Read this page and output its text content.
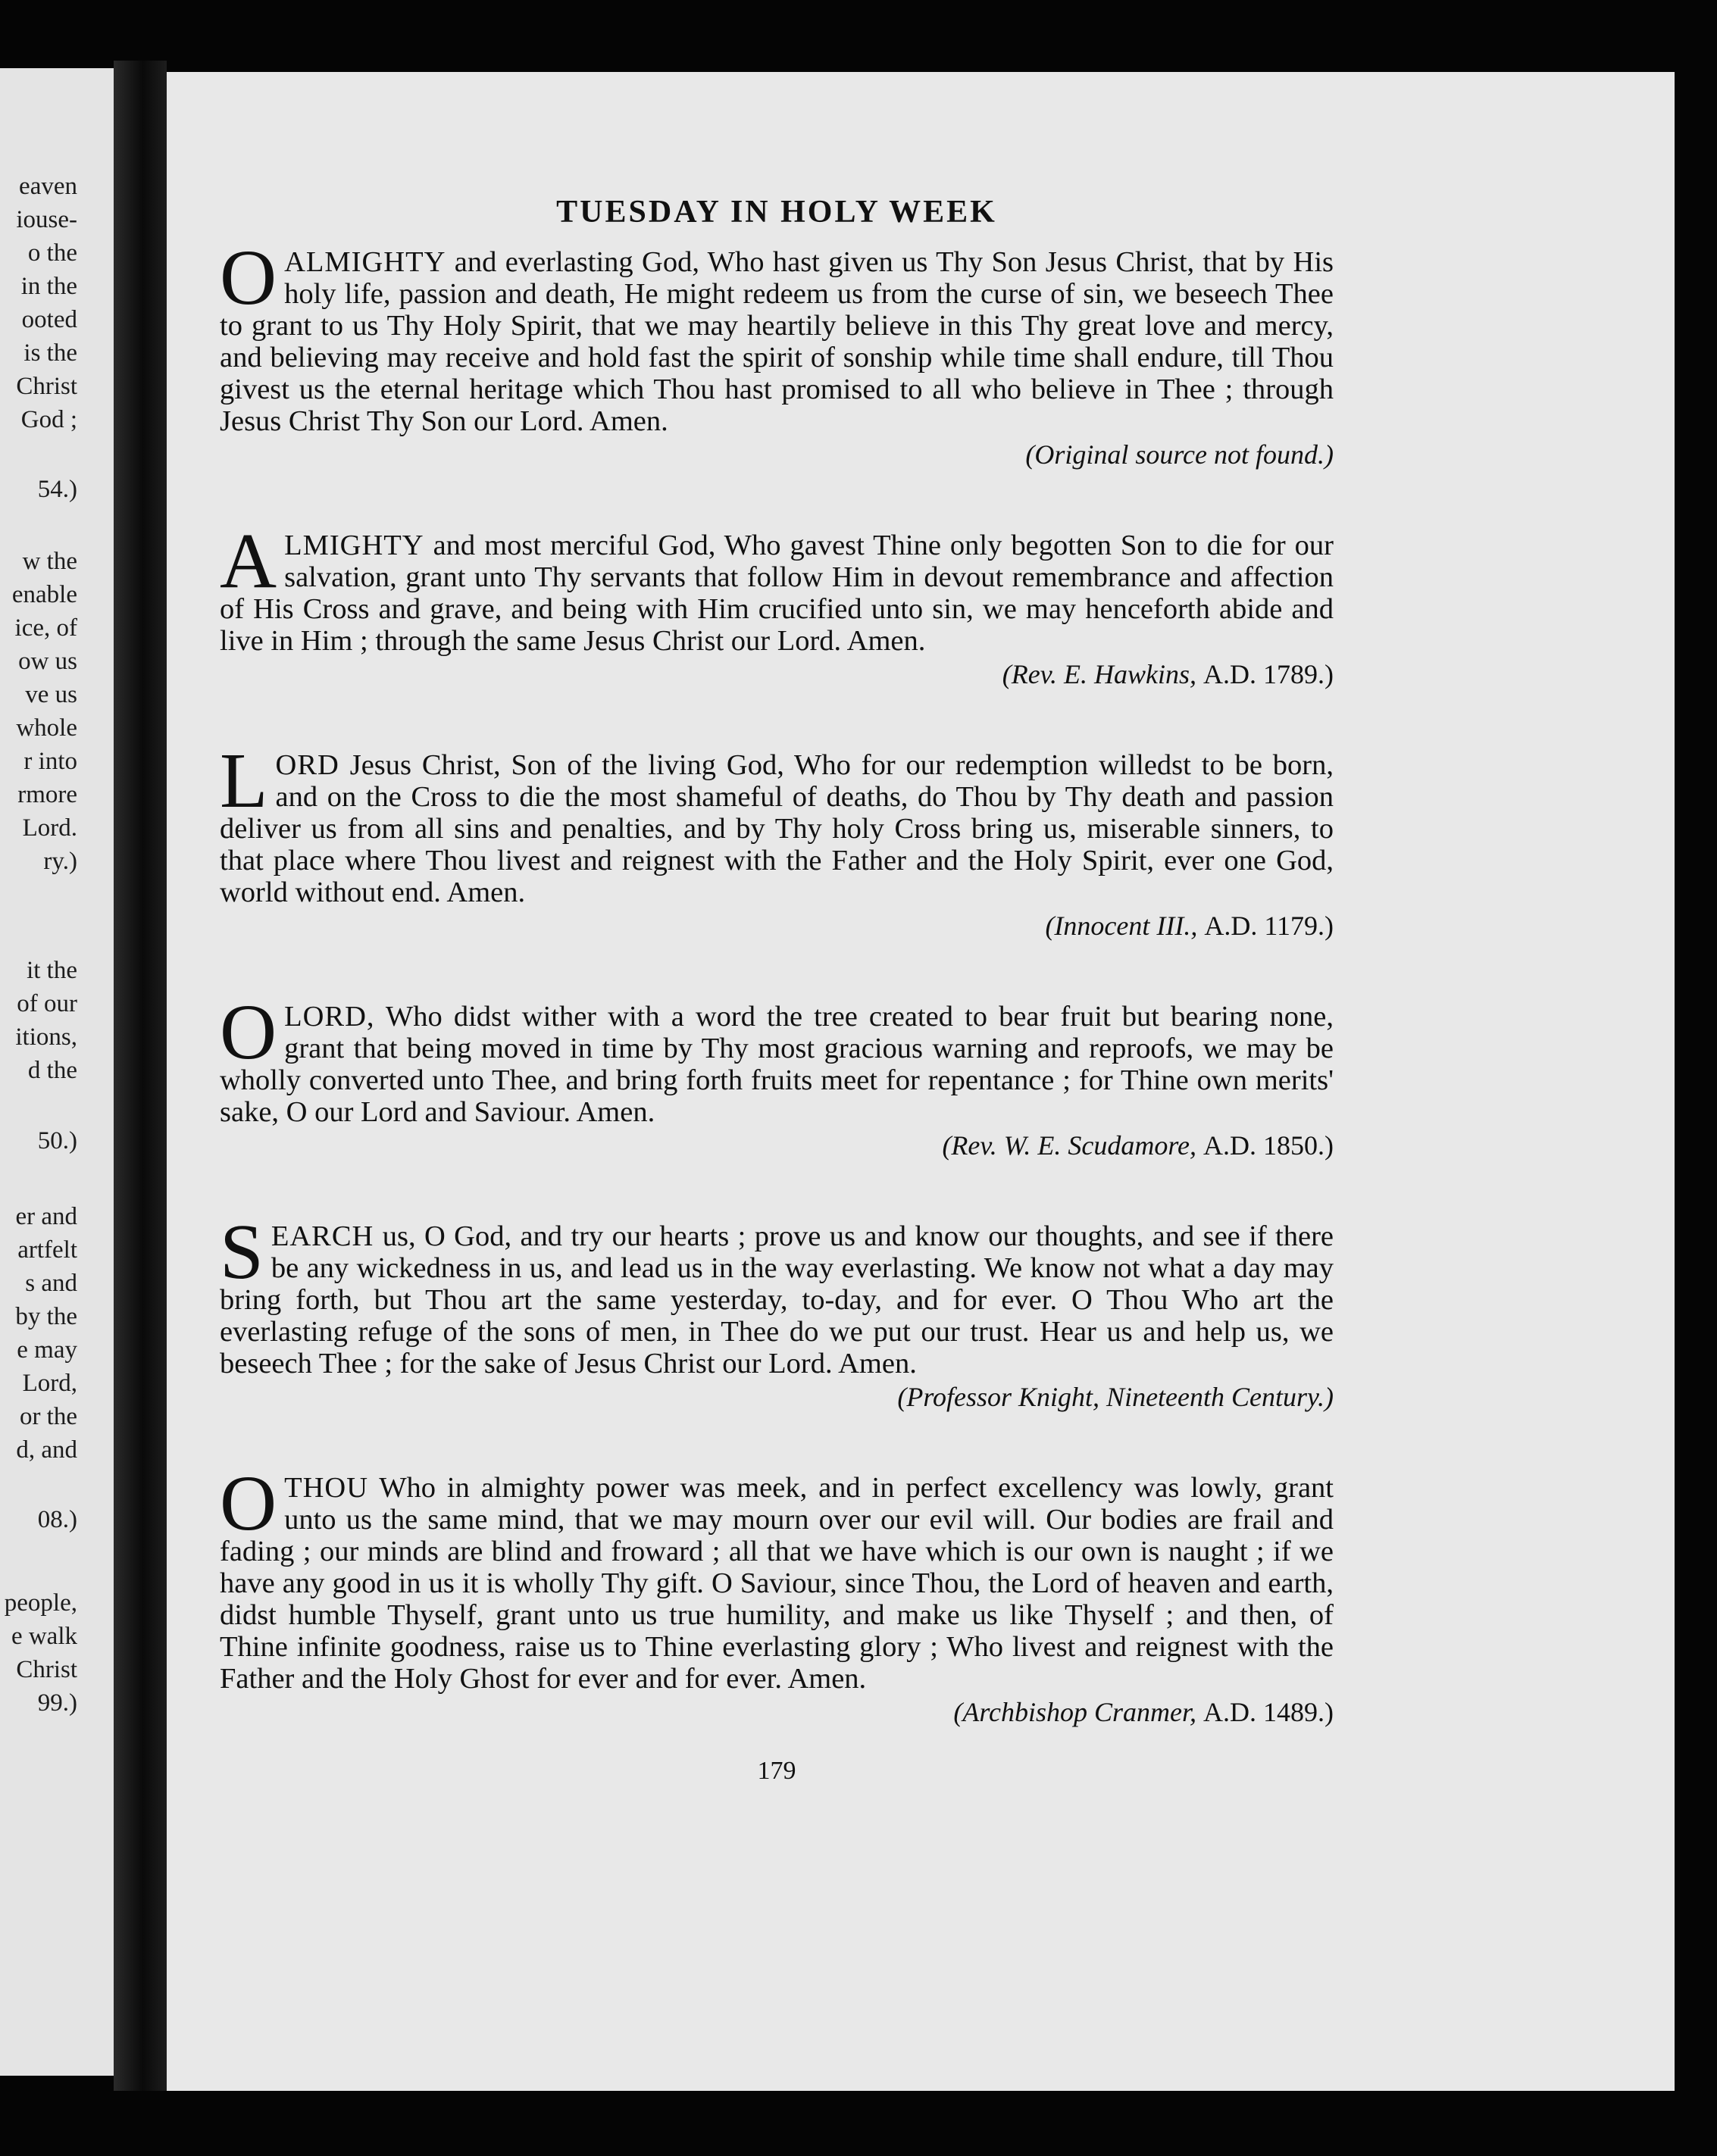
eaven
iouse-
o the
in the
ooted
is the
Christ
God ;
54.)
w the
enable
ice, of
ow us
ve us
whole
r into
rmore
Lord.
ry.)
it the
of our
itions,
d the
50.)
er and
artfelt
s and
by the
e may
Lord,
or the
d, and
08.)
people,
e walk
Christ
99.)
TUESDAY IN HOLY WEEK
OALMIGHTY and everlasting God, Who hast given us Thy Son Jesus Christ, that by His holy life, passion and death, He might redeem us from the curse of sin, we beseech Thee to grant to us Thy Holy Spirit, that we may heartily believe in this Thy great love and mercy, and believing may receive and hold fast the spirit of sonship while time shall endure, till Thou givest us the eternal heritage which Thou hast promised to all who believe in Thee ; through Jesus Christ Thy Son our Lord. Amen.
(Original source not found.)
ALMIGHTY and most merciful God, Who gavest Thine only begotten Son to die for our salvation, grant unto Thy servants that follow Him in devout remembrance and affection of His Cross and grave, and being with Him crucified unto sin, we may henceforth abide and live in Him ; through the same Jesus Christ our Lord. Amen.
(Rev. E. Hawkins, A.D. 1789.)
LORD Jesus Christ, Son of the living God, Who for our redemption willedst to be born, and on the Cross to die the most shameful of deaths, do Thou by Thy death and passion deliver us from all sins and penalties, and by Thy holy Cross bring us, miserable sinners, to that place where Thou livest and reignest with the Father and the Holy Spirit, ever one God, world without end. Amen.
(Innocent III., A.D. 1179.)
OLORD, Who didst wither with a word the tree created to bear fruit but bearing none, grant that being moved in time by Thy most gracious warning and reproofs, we may be wholly converted unto Thee, and bring forth fruits meet for repentance ; for Thine own merits' sake, O our Lord and Saviour. Amen.
(Rev. W. E. Scudamore, A.D. 1850.)
SEARCH us, O God, and try our hearts ; prove us and know our thoughts, and see if there be any wickedness in us, and lead us in the way everlasting. We know not what a day may bring forth, but Thou art the same yesterday, to-day, and for ever. O Thou Who art the everlasting refuge of the sons of men, in Thee do we put our trust. Hear us and help us, we beseech Thee ; for the sake of Jesus Christ our Lord. Amen.
(Professor Knight, Nineteenth Century.)
OTHOU Who in almighty power was meek, and in perfect excellency was lowly, grant unto us the same mind, that we may mourn over our evil will. Our bodies are frail and fading ; our minds are blind and froward ; all that we have which is our own is naught ; if we have any good in us it is wholly Thy gift. O Saviour, since Thou, the Lord of heaven and earth, didst humble Thyself, grant unto us true humility, and make us like Thyself ; and then, of Thine infinite goodness, raise us to Thine everlasting glory ; Who livest and reignest with the Father and the Holy Ghost for ever and for ever. Amen.
(Archbishop Cranmer, A.D. 1489.)
179
